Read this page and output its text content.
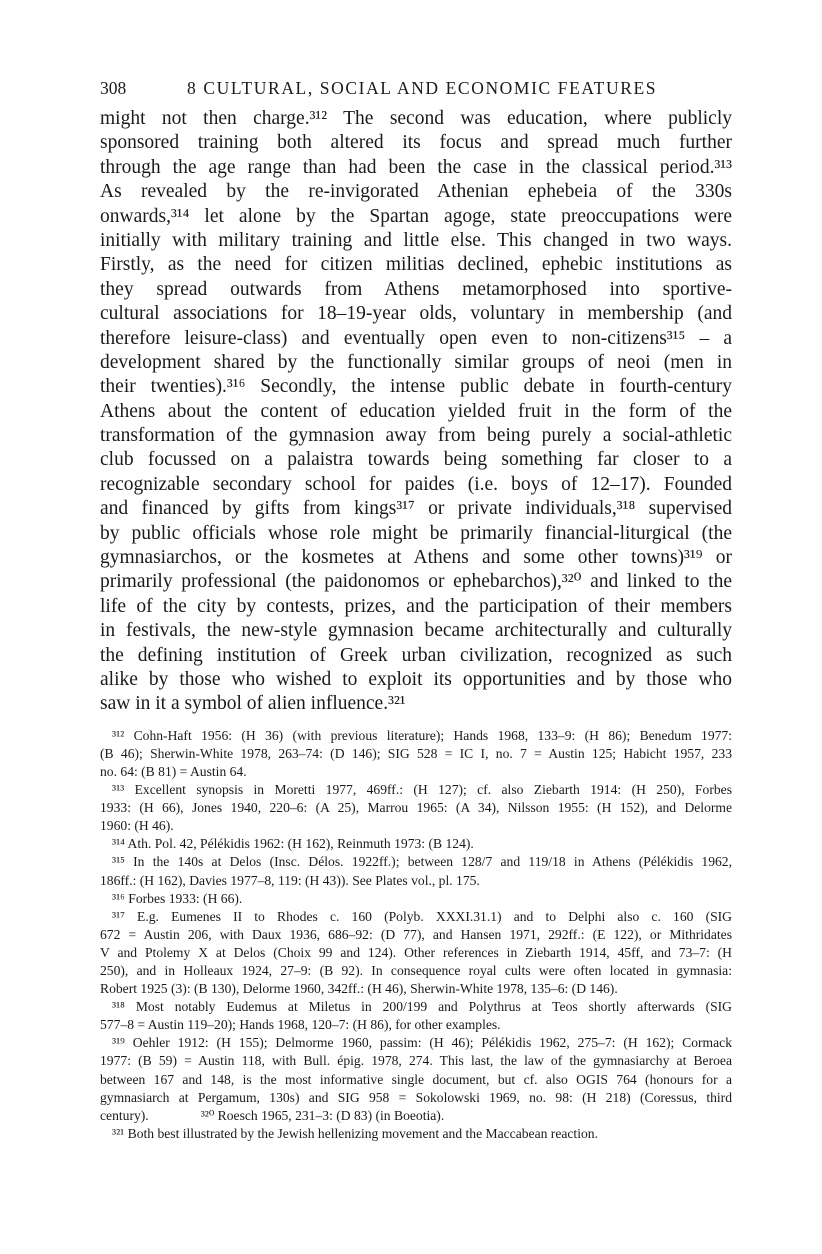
308	8 CULTURAL, SOCIAL AND ECONOMIC FEATURES
might not then charge.³¹² The second was education, where publicly
sponsored training both altered its focus and spread much further
through the age range than had been the case in the classical period.³¹³
As revealed by the re-invigorated Athenian ephebeia of the 330s
onwards,³¹⁴ let alone by the Spartan agoge, state preoccupations were
initially with military training and little else. This changed in two ways.
Firstly, as the need for citizen militias declined, ephebic institutions as
they spread outwards from Athens metamorphosed into sportive-
cultural associations for 18–19-year olds, voluntary in membership (and
therefore leisure-class) and eventually open even to non-citizens³¹⁵ – a
development shared by the functionally similar groups of neoi (men in
their twenties).³¹⁶ Secondly, the intense public debate in fourth-century
Athens about the content of education yielded fruit in the form of the
transformation of the gymnasion away from being purely a social-athletic
club focussed on a palaistra towards being something far closer to a
recognizable secondary school for paides (i.e. boys of 12–17). Founded
and financed by gifts from kings³¹⁷ or private individuals,³¹⁸ supervised
by public officials whose role might be primarily financial-liturgical (the
gymnasiarchos, or the kosmetes at Athens and some other towns)³¹⁹ or
primarily professional (the paidonomos or ephebarchos),³²⁰ and linked to the
life of the city by contests, prizes, and the participation of their members
in festivals, the new-style gymnasion became architecturally and culturally
the defining institution of Greek urban civilization, recognized as such
alike by those who wished to exploit its opportunities and by those who
saw in it a symbol of alien influence.³²¹
³¹² Cohn-Haft 1956: (H 36) (with previous literature); Hands 1968, 133–9: (H 86); Benedum 1977:
(B 46); Sherwin-White 1978, 263–74: (D 146); SIG 528 = IC I, no. 7 = Austin 125; Habicht 1957, 233
no. 64: (B 81) = Austin 64.
³¹³ Excellent synopsis in Moretti 1977, 469ff.: (H 127); cf. also Ziebarth 1914: (H 250), Forbes
1933: (H 66), Jones 1940, 220–6: (A 25), Marrou 1965: (A 34), Nilsson 1955: (H 152), and Delorme
1960: (H 46).
³¹⁴ Ath. Pol. 42, Pélékidis 1962: (H 162), Reinmuth 1973: (B 124).
³¹⁵ In the 140s at Delos (Insc. Délos. 1922ff.); between 128/7 and 119/18 in Athens (Pélékidis 1962,
186ff.: (H 162), Davies 1977–8, 119: (H 43)). See Plates vol., pl. 175.
³¹⁶ Forbes 1933: (H 66).
³¹⁷ E.g. Eumenes II to Rhodes c. 160 (Polyb. XXXI.31.1) and to Delphi also c. 160 (SIG
672 = Austin 206, with Daux 1936, 686–92: (D 77), and Hansen 1971, 292ff.: (E 122), or Mithridates
V and Ptolemy X at Delos (Choix 99 and 124). Other references in Ziebarth 1914, 45ff, and 73–7: (H
250), and in Holleaux 1924, 27–9: (B 92). In consequence royal cults were often located in gymnasia:
Robert 1925 (3): (B 130), Delorme 1960, 342ff.: (H 46), Sherwin-White 1978, 135–6: (D 146).
³¹⁸ Most notably Eudemus at Miletus in 200/199 and Polythrus at Teos shortly afterwards (SIG
577–8 = Austin 119–20); Hands 1968, 120–7: (H 86), for other examples.
³¹⁹ Oehler 1912: (H 155); Delmorme 1960, passim: (H 46); Pélékidis 1962, 275–7: (H 162); Cormack
1977: (B 59) = Austin 118, with Bull. épig. 1978, 274. This last, the law of the gymnasiarchy at Beroea
between 167 and 148, is the most informative single document, but cf. also OGIS 764 (honours for a
gymnasiarch at Pergamum, 130s) and SIG 958 = Sokolowski 1969, no. 98: (H 218) (Coressus, third
century).	³²⁰ Roesch 1965, 231–3: (D 83) (in Boeotia).
³²¹ Both best illustrated by the Jewish hellenizing movement and the Maccabean reaction.
